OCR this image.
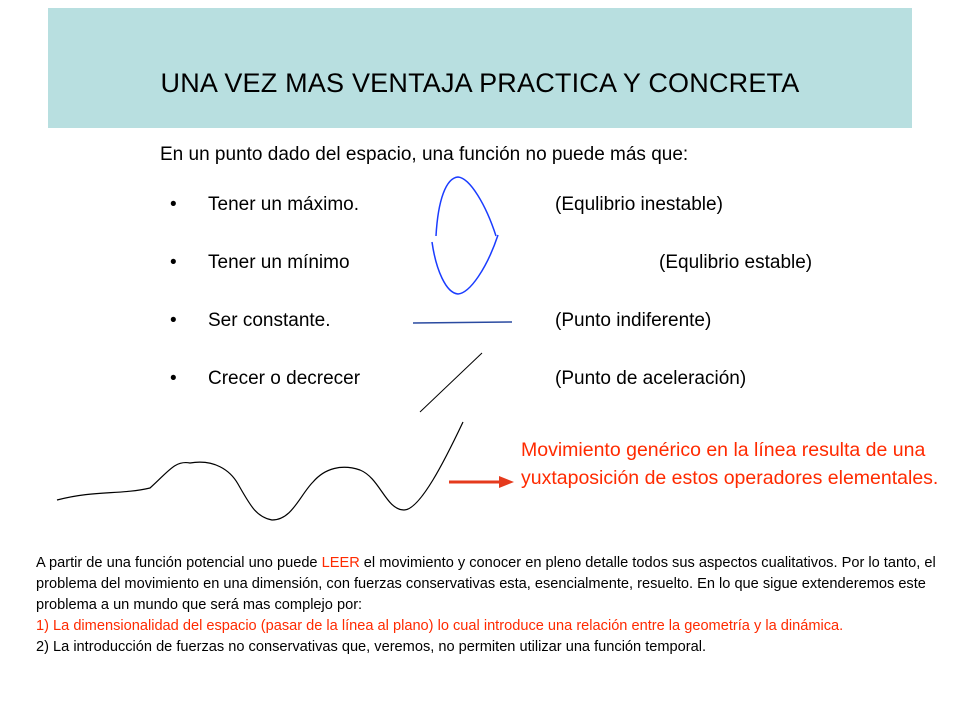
UNA VEZ MAS VENTAJA PRACTICA Y CONCRETA
En un punto dado del espacio, una función no puede más que:
• Tener un máximo.	(Equlibrio inestable)
• Tener un mínimo	(Equlibrio estable)
• Ser constante.	(Punto indiferente)
• Crecer o decrecer	(Punto de aceleración)
Movimiento genérico en la línea resulta de una yuxtaposición de estos operadores elementales.

A partir de una función potencial uno puede LEER el movimiento y conocer en pleno detalle todos sus aspectos cualitativos. Por lo tanto, el problema del movimiento en una dimensión, con fuerzas conservativas esta, esencialmente, resuelto. En lo que sigue extenderemos este problema a un mundo que será mas complejo por:

1) La dimensionalidad del espacio (pasar de la línea al plano) lo cual introduce una relación entre la geometría y la dinámica.

2) La introducción de fuerzas no conservativas que, veremos, no permiten utilizar una función temporal.
